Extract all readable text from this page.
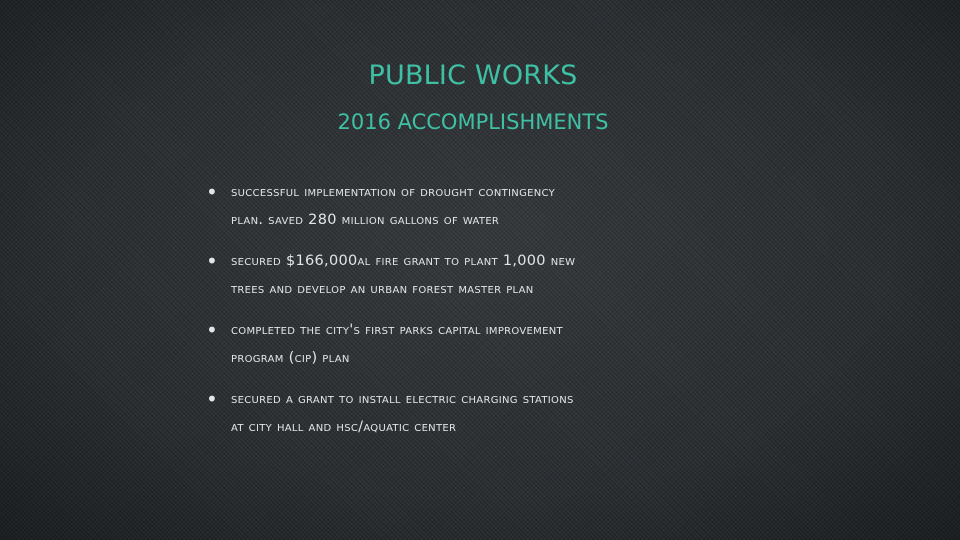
PUBLIC WORKS
2016 ACCOMPLISHMENTS
• successful implementation of drought contingency
plan. saved 280 million gallons of water
• secured $166,000al fire grant to plant 1,000 new
trees and develop an urban forest master plan
• completed the city's first parks capital improvement
program (cip) plan
• secured a grant to install electric charging stations
at city hall and hsc/aquatic center
